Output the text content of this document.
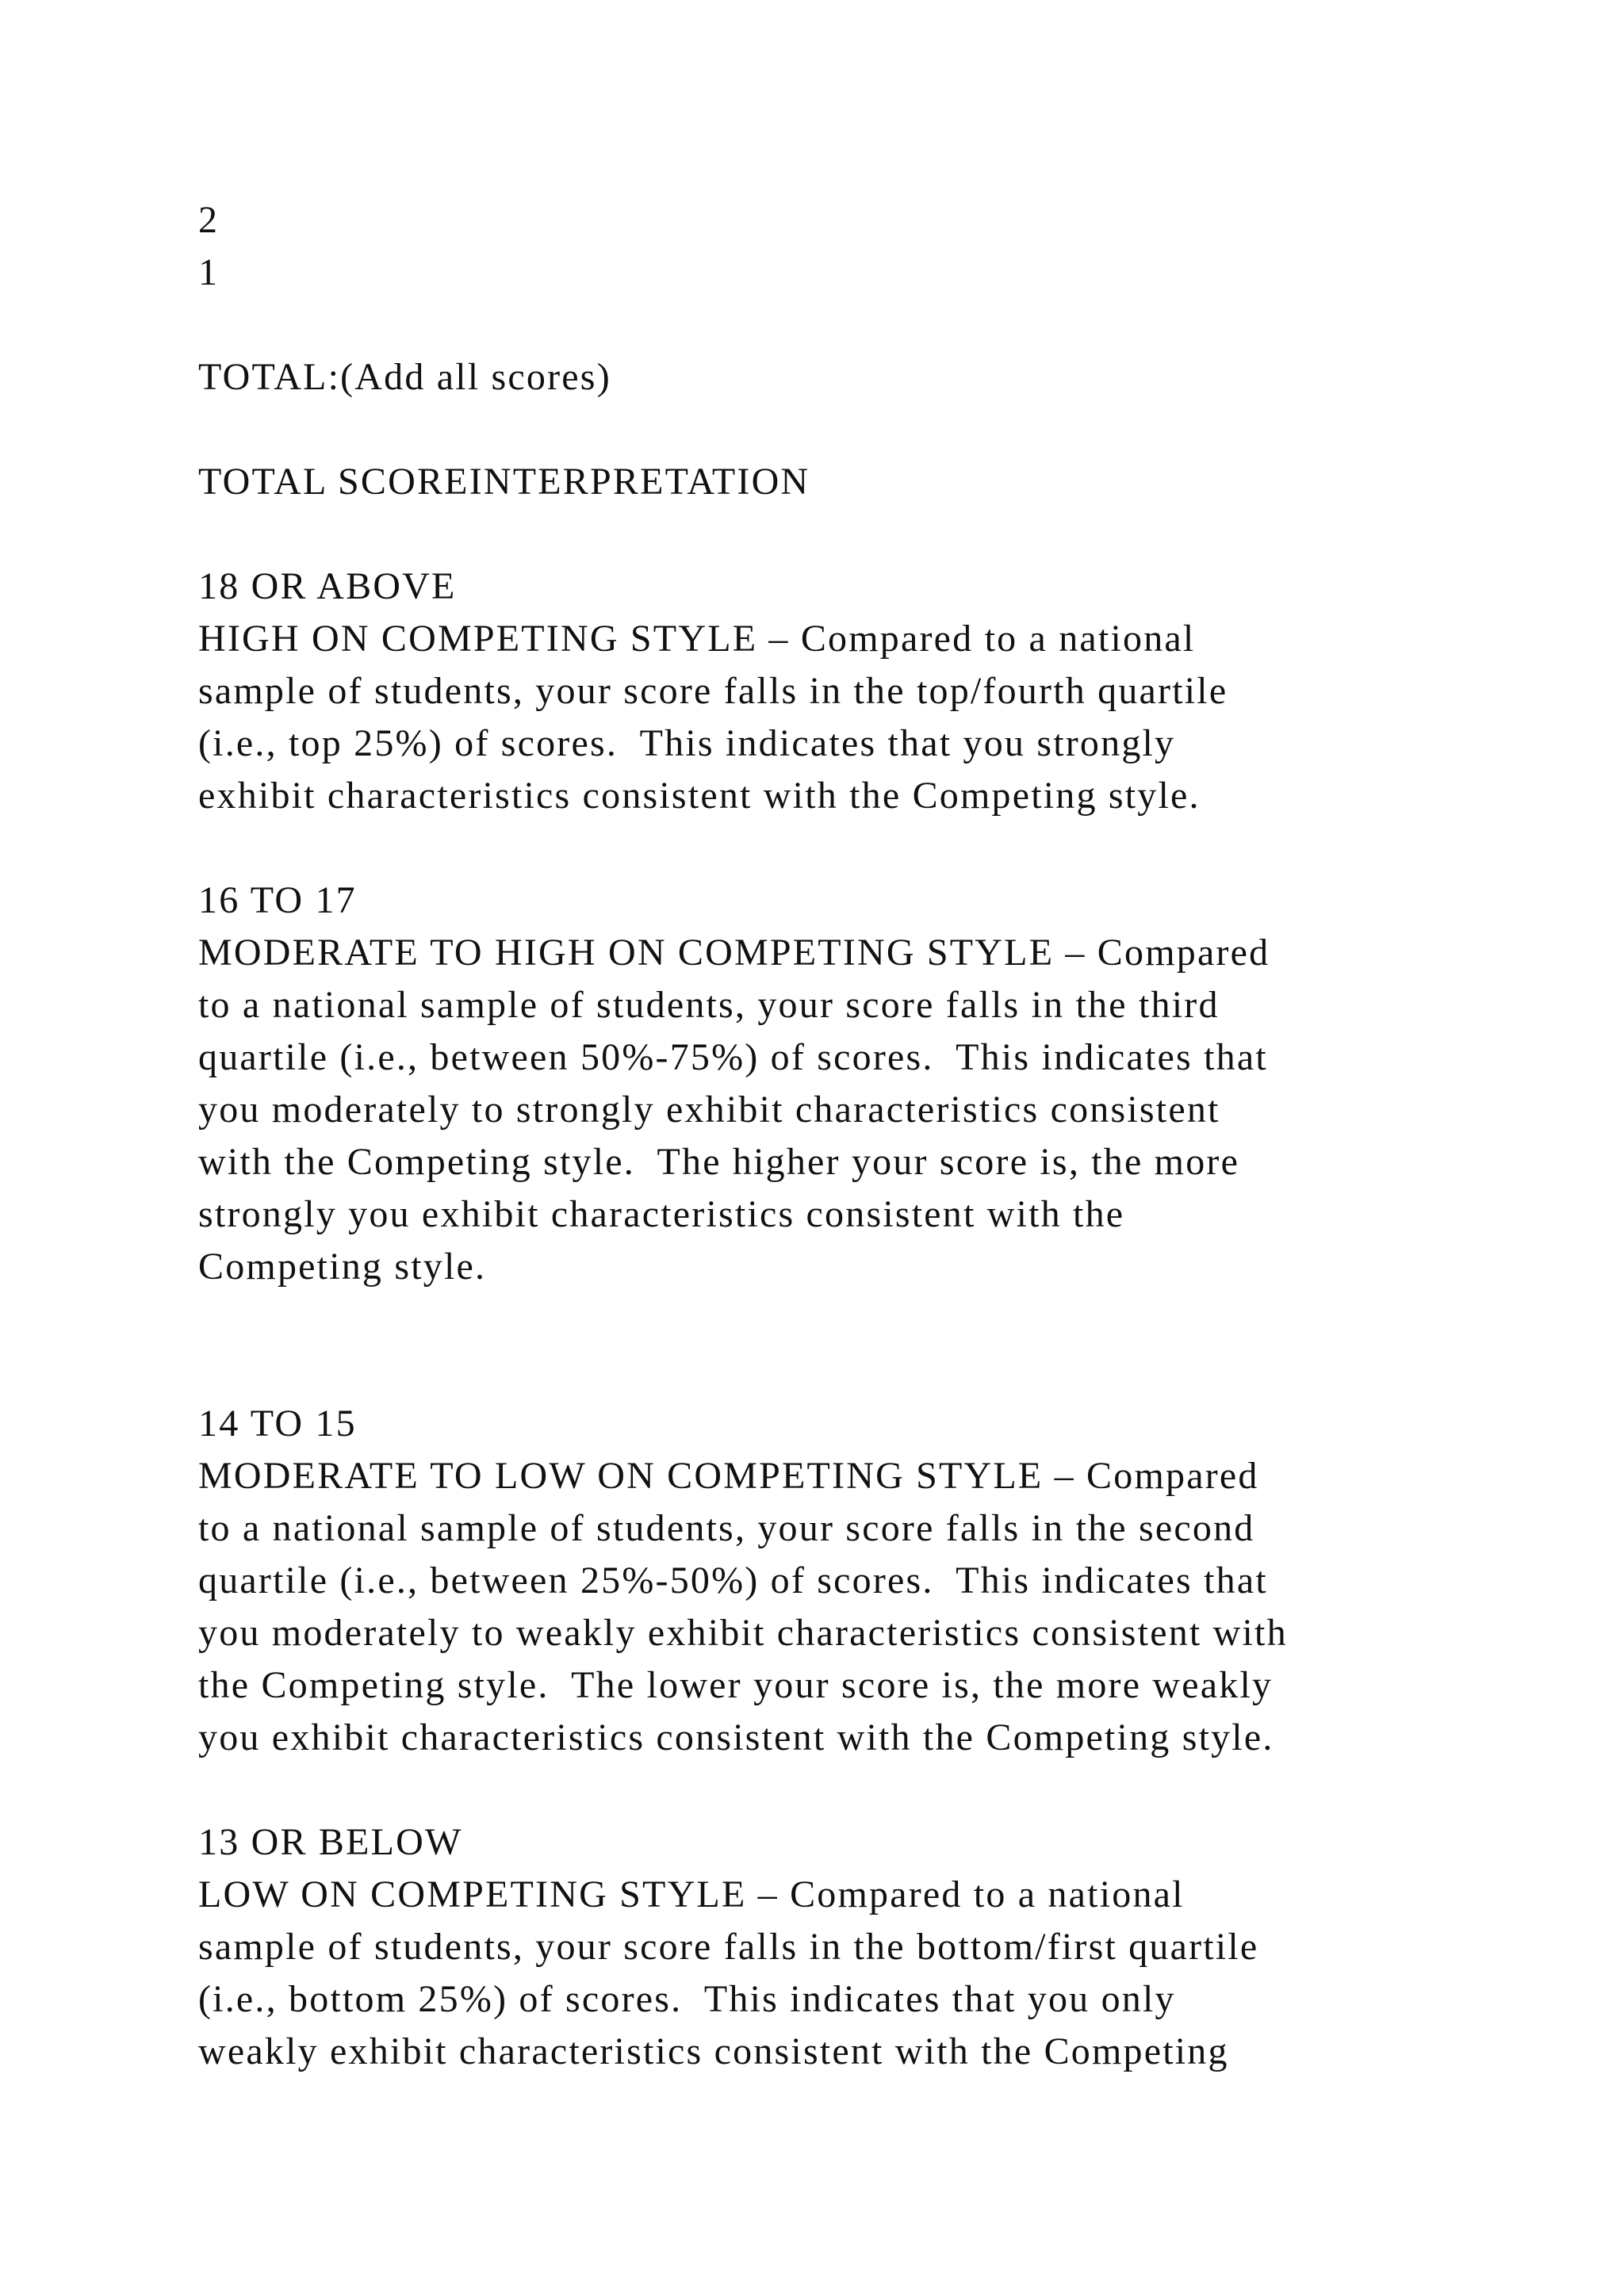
2
1
TOTAL:(Add all scores)
TOTAL SCOREINTERPRETATION
18 OR ABOVE
HIGH ON COMPETING STYLE – Compared to a national
sample of students, your score falls in the top/fourth quartile
(i.e., top 25%) of scores.  This indicates that you strongly
exhibit characteristics consistent with the Competing style.
16 TO 17
MODERATE TO HIGH ON COMPETING STYLE – Compared
to a national sample of students, your score falls in the third
quartile (i.e., between 50%-75%) of scores.  This indicates that
you moderately to strongly exhibit characteristics consistent
with the Competing style.  The higher your score is, the more
strongly you exhibit characteristics consistent with the
Competing style.
14 TO 15
MODERATE TO LOW ON COMPETING STYLE – Compared
to a national sample of students, your score falls in the second
quartile (i.e., between 25%-50%) of scores.  This indicates that
you moderately to weakly exhibit characteristics consistent with
the Competing style.  The lower your score is, the more weakly
you exhibit characteristics consistent with the Competing style.
13 OR BELOW
LOW ON COMPETING STYLE – Compared to a national
sample of students, your score falls in the bottom/first quartile
(i.e., bottom 25%) of scores.  This indicates that you only
weakly exhibit characteristics consistent with the Competing
